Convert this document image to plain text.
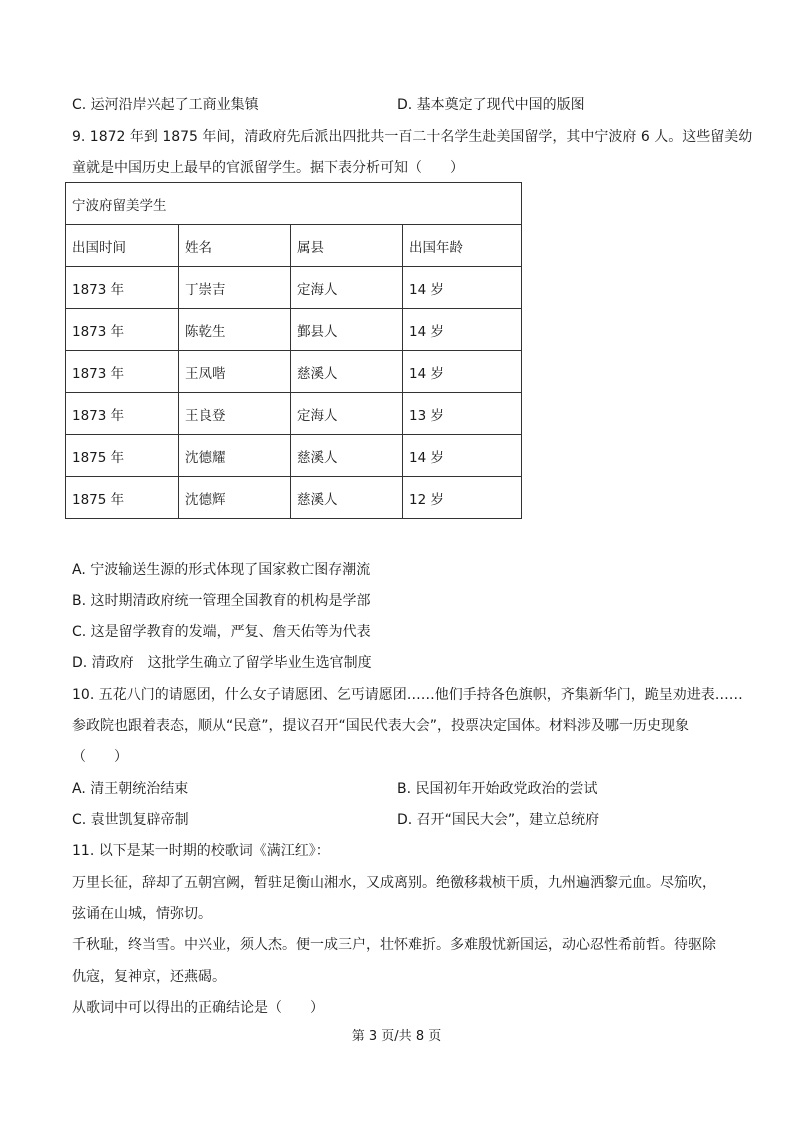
C. 运河沿岸兴起了工商业集镇	D. 基本奠定了现代中国的版图
9. 1872 年到 1875 年间，清政府先后派出四批共一百二十名学生赴美国留学，其中宁波府 6 人。这些留美幼
童就是中国历史上最早的官派留学生。据下表分析可知（　　）
宁波府留美学生			
出国时间	姓名	属县	出国年龄
1873 年	丁崇吉	定海人	14 岁
1873 年	陈乾生	鄞县人	14 岁
1873 年	王凤喈	慈溪人	14 岁
1873 年	王良登	定海人	13 岁
1875 年	沈德耀	慈溪人	14 岁
1875 年	沈德辉	慈溪人	12 岁
A. 宁波输送生源的形式体现了国家救亡图存潮流
B. 这时期清政府统一管理全国教育的机构是学部
C. 这是留学教育的发端，严复、詹天佑等为代表
D. 清政府　这批学生确立了留学毕业生选官制度
10. 五花八门的请愿团，什么女子请愿团、乞丐请愿团……他们手持各色旗帜，齐集新华门，跪呈劝进表……
参政院也跟着表态，顺从“民意”，提议召开“国民代表大会”，投票决定国体。材料涉及哪一历史现象
（　　）
A. 清王朝统治结束	B. 民国初年开始政党政治的尝试
C. 袁世凯复辟帝制	D. 召开“国民大会”，建立总统府
11. 以下是某一时期的校歌词《满江红》：
万里长征，辞却了五朝宫阙，暂驻足衡山湘水，又成离别。绝徼移栽桢干质，九州遍洒黎元血。尽笳吹，
弦诵在山城，情弥切。
千秋耻，终当雪。中兴业，须人杰。便一成三户，壮怀难折。多难殷忧新国运，动心忍性希前哲。待驱除
仇寇，复神京，还燕碣。
从歌词中可以得出的正确结论是（　　）
第 3 页/共 8 页
